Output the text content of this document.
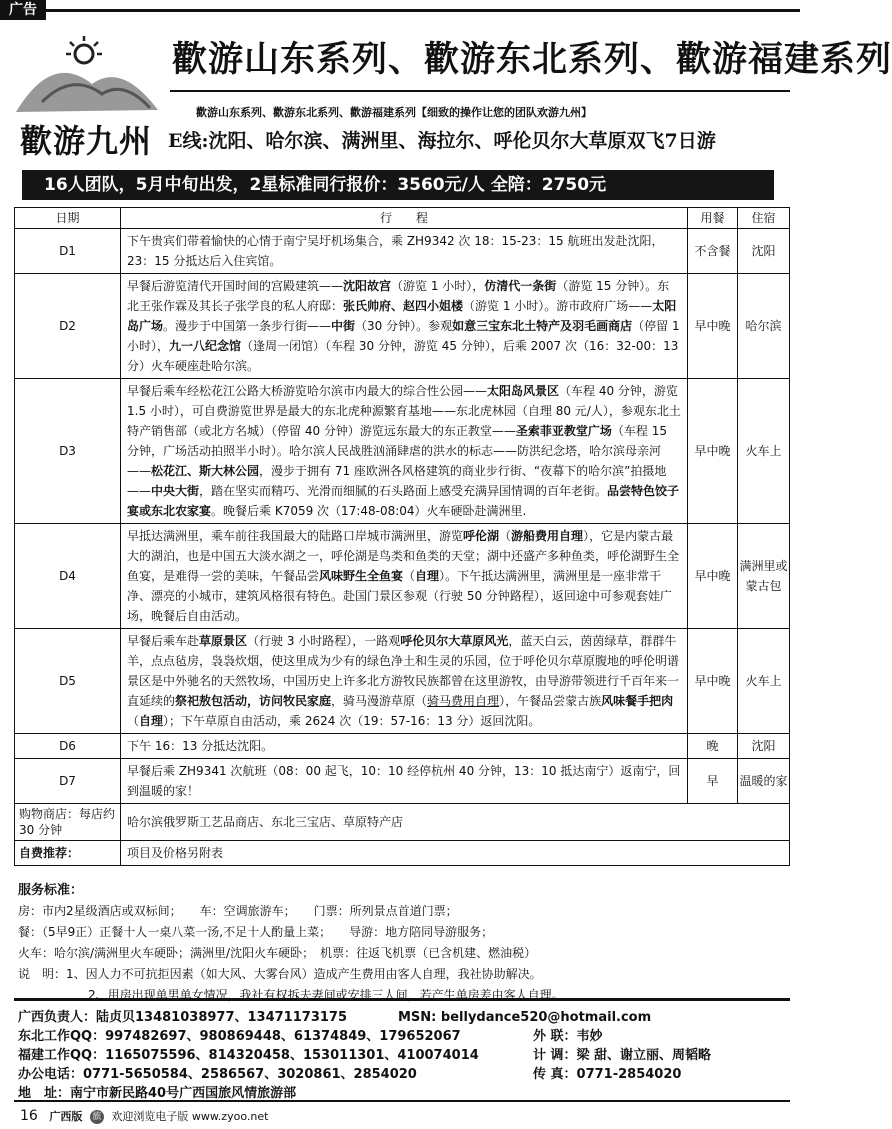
广告
歡游九州
歡游山东系列、歡游东北系列、歡游福建系列
歡游山东系列、歡游东北系列、歡游福建系列【细致的操作让您的团队欢游九州】
E线:沈阳、哈尔滨、满洲里、海拉尔、呼伦贝尔大草原双飞7日游
16人团队，5月中旬出发，2星标准同行报价：3560元/人 全陪：2750元
日期	行　　程	用餐	住宿
D1	下午贵宾们带着愉快的心情于南宁吴圩机场集合，乘 ZH9342 次 18：15-23：15 航班出发赴沈阳，23：15 分抵达后入住宾馆。	不含餐	沈阳
D2	早餐后游览清代开国时间的宫殿建筑——沈阳故宫（游览 1 小时），仿清代一条街（游览 15 分钟）。东北王张作霖及其长子张学良的私人府邸：张氏帅府、赵四小姐楼（游览 1 小时）。游市政府广场——太阳岛广场。漫步于中国第一条步行街——中街（30 分钟）。参观如意三宝东北土特产及羽毛画商店（停留 1 小时），九一八纪念馆（逢周一闭馆）（车程 30 分钟，游览 45 分钟），后乘 2007 次（16：32-00：13 分）火车硬座赴哈尔滨。	早中晚	哈尔滨
D3	早餐后乘车经松花江公路大桥游览哈尔滨市内最大的综合性公园——太阳岛风景区（车程 40 分钟，游览 1.5 小时），可自费游览世界是最大的东北虎种源繁育基地——东北虎林园（自理 80 元/人），参观东北土特产销售部（或北方名城）（停留 40 分钟）游览远东最大的东正教堂——圣索菲亚教堂广场（车程 15 分钟，广场活动拍照半小时）。哈尔滨人民战胜汹涌肆虐的洪水的标志——防洪纪念塔，哈尔滨母亲河——松花江、斯大林公园，漫步于拥有 71 座欧洲各风格建筑的商业步行街、“夜幕下的哈尔滨”拍摄地——中央大街，踏在坚实而精巧、光滑而细腻的石头路面上感受充满异国情调的百年老街。品尝特色饺子宴或东北农家宴。晚餐后乘 K7059 次（17:48-08:04）火车硬卧赴满洲里.	早中晚	火车上
D4	早抵达满洲里，乘车前往我国最大的陆路口岸城市满洲里，游览呼伦湖（游船费用自理），它是内蒙古最大的湖泊，也是中国五大淡水湖之一，呼伦湖是鸟类和鱼类的天堂；湖中还盛产多种鱼类，呼伦湖野生全鱼宴，是难得一尝的美味，午餐品尝风味野生全鱼宴（自理）。下午抵达满洲里，满洲里是一座非常干净、漂亮的小城市，建筑风格很有特色。赴国门景区参观（行驶 50 分钟路程），返回途中可参观套娃广场，晚餐后自由活动。	早中晚	满洲里或蒙古包
D5	早餐后乘车赴草原景区（行驶 3 小时路程），一路观呼伦贝尔大草原风光，蓝天白云，茵茵绿草，群群牛羊，点点毡房，袅袅炊烟，使这里成为少有的绿色净土和生灵的乐园，位于呼伦贝尔草原腹地的呼伦明谱景区是中外驰名的天然牧场，中国历史上许多北方游牧民族都曾在这里游牧，由导游带领进行千百年来一直延续的祭祀敖包活动，访问牧民家庭，骑马漫游草原（骑马费用自理），午餐品尝蒙古族风味餐手把肉（自理）；下午草原自由活动，乘 2624 次（19：57-16：13 分）返回沈阳。	早中晚	火车上
D6	下午 16：13 分抵达沈阳。	晚	沈阳
D7	早餐后乘 ZH9341 次航班（08：00 起飞，10：10 经停杭州 40 分钟，13：10 抵达南宁）返南宁，回到温暖的家！	早	温暖的家
购物商店：每店约 30 分钟	哈尔滨俄罗斯工艺品商店、东北三宝店、草原特产店		
自费推荐：	项目及价格另附表		
服务标准：
房：市内2星级酒店或双标间；　　车：空调旅游车；　　门票：所列景点首道门票；
餐：（5早9正）正餐十人一桌八菜一汤,不足十人酌量上菜；　　导游：地方陪同导游服务；
火车：哈尔滨/满洲里火车硬卧；满洲里/沈阳火车硬卧；　机票：往返飞机票（已含机建、燃油税）
说　明：1、因人力不可抗拒因素（如大风、大雾台风）造成产生费用由客人自理，我社协助解决。
2、用房出现单男单女情况，我社有权拆夫妻间或安排三人间，若产生单房差由客人自理。
广西负责人：陆贞贝13481038977、13471173175	MSN: bellydance520@hotmail.com
东北工作QQ：997482697、980869448、61374849、179652067	外 联：韦妙
福建工作QQ：1165075596、814320458、153011301、410074014	计 调：梁 甜、谢立丽、周韬略
办公电话：0771-5650584、2586567、3020861、2854020	传 真：0771-2854020
地　址：南宁市新民路40号广西国旅风情旅游部
16 广西版 旅 欢迎浏览电子版 www.zyoo.net
